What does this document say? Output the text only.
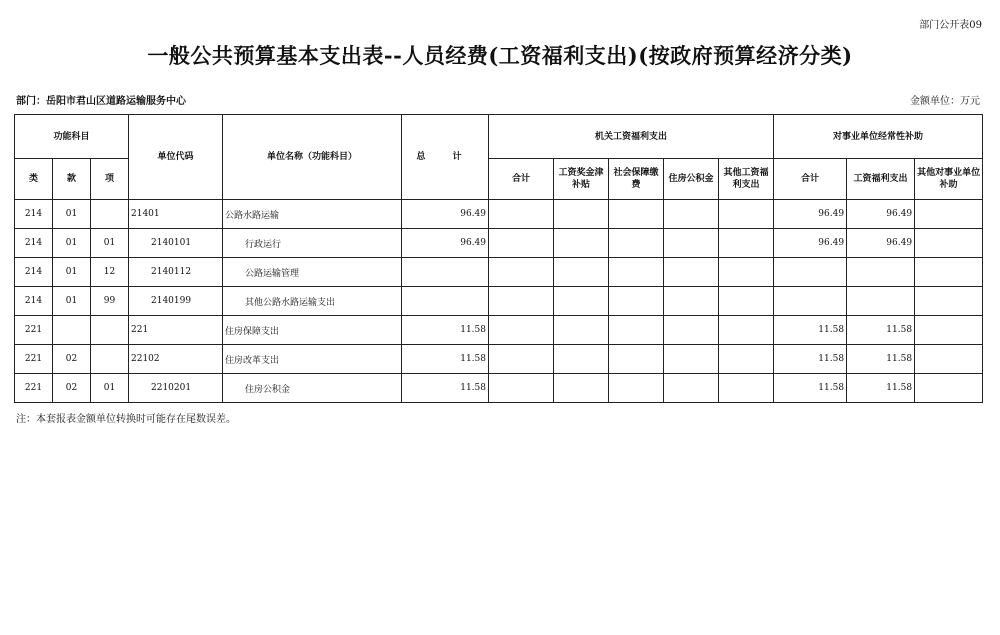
部门公开表09
一般公共预算基本支出表--人员经费(工资福利支出)(按政府预算经济分类)
部门：岳阳市君山区道路运输服务中心	金额单位：万元
功能科目			单位代码	单位名称（功能科目）	总 计	机关工资福利支出					对事业单位经常性补助		
类	款	项				合计	工资奖金津补贴	社会保障缴费	住房公积金	其他工资福利支出	合计	工资福利支出	其他对事业单位补助
214	01		21401	公路水路运输	96.49						96.49	96.49	
214	01	01	2140101	行政运行	96.49						96.49	96.49	
214	01	12	2140112	公路运输管理									
214	01	99	2140199	其他公路水路运输支出									
221			221	住房保障支出	11.58						11.58	11.58	
221	02		22102	住房改革支出	11.58						11.58	11.58	
221	02	01	2210201	住房公积金	11.58						11.58	11.58	
注：本套报表金额单位转换时可能存在尾数误差。
